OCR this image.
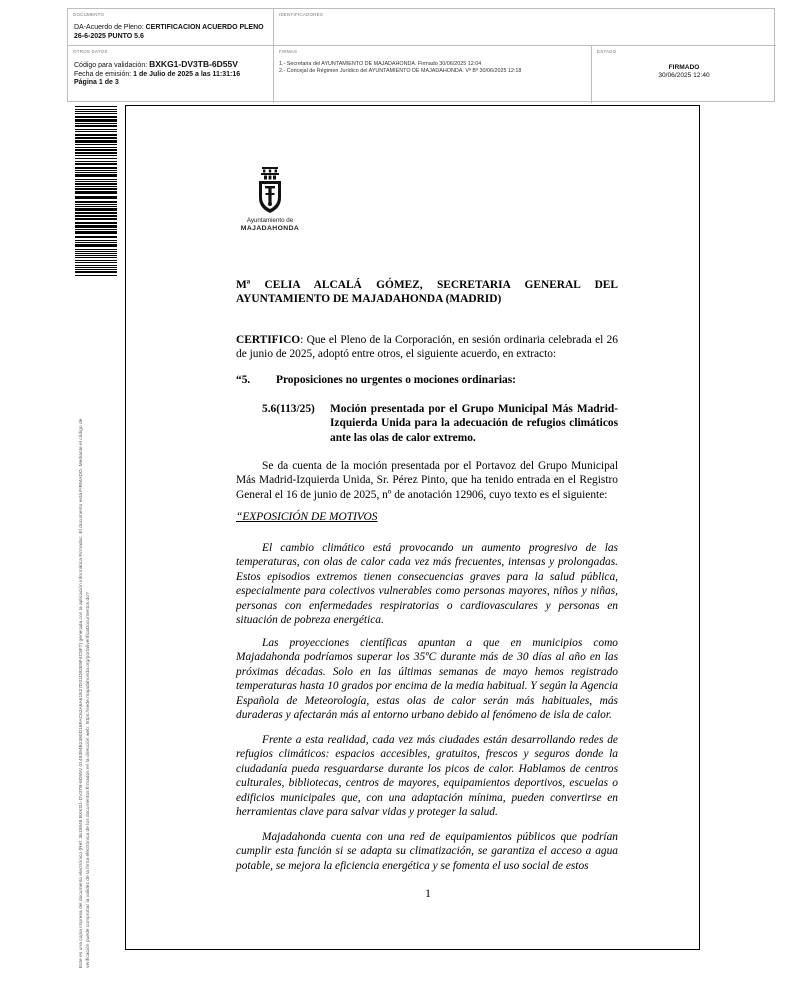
DOCUMENTO
DA-Acuerdo de Pleno: CERTIFICACION ACUERDO PLENO 26-6-2025 PUNTO 5.6
IDENTIFICADORES
OTROS DATOS
Código para validación: BXKG1-DV3TB-6D55V
Fecha de emisión: 1 de Julio de 2025 a las 11:31:16
Página 1 de 3
FIRMAS
1.- Secretaria del AYUNTAMIENTO DE MAJADAHONDA. Firmado 30/06/2025 12:04
2.- Concejal de Régimen Jurídico del AYUNTAMIENTO DE MAJADAHONDA. Vº Bº 30/06/2025 12:18
ESTADO
FIRMADO
30/06/2025 12:40
Este es una copia impresa del documento electrónico (Ref: 3615948 BXKG1-DV3TB-6D55V 0149394B2380D18FAC62A6A61E27D01D92E9F4C5F7) generada con la aplicación informática Firmadoc. El documento está FIRMADO. Mediante el código de verificación puede comprobar la validez de la firma electrónica de los documentos firmados en la dirección web: https://sede.majadahonda.org/portal/verificaDocumentos.do?
Ayuntamiento de
MAJADAHONDA
Mª CELIA ALCALÁ GÓMEZ, SECRETARIA GENERAL DEL AYUNTAMIENTO DE MAJADAHONDA (MADRID)
CERTIFICO: Que el Pleno de la Corporación, en sesión ordinaria celebrada el 26 de junio de 2025, adoptó entre otros, el siguiente acuerdo, en extracto:
“5. Proposiciones no urgentes o mociones ordinarias:
5.6(113/25) Moción presentada por el Grupo Municipal Más Madrid-Izquierda Unida para la adecuación de refugios climáticos ante las olas de calor extremo.
Se da cuenta de la moción presentada por el Portavoz del Grupo Municipal Más Madrid-Izquierda Unida, Sr. Pérez Pinto, que ha tenido entrada en el Registro General el 16 de junio de 2025, nº de anotación 12906, cuyo texto es el siguiente:
“EXPOSICIÓN DE MOTIVOS
El cambio climático está provocando un aumento progresivo de las temperaturas, con olas de calor cada vez más frecuentes, intensas y prolongadas. Estos episodios extremos tienen consecuencias graves para la salud pública, especialmente para colectivos vulnerables como personas mayores, niños y niñas, personas con enfermedades respiratorias o cardiovasculares y personas en situación de pobreza energética.
Las proyecciones científicas apuntan a que en municipios como Majadahonda podríamos superar los 35ºC durante más de 30 días al año en las próximas décadas. Solo en las últimas semanas de mayo hemos registrado temperaturas hasta 10 grados por encima de la media habitual. Y según la Agencia Española de Meteorología, estas olas de calor serán más habituales, más duraderas y afectarán más al entorno urbano debido al fenómeno de isla de calor.
Frente a esta realidad, cada vez más ciudades están desarrollando redes de refugios climáticos: espacios accesibles, gratuitos, frescos y seguros donde la ciudadanía pueda resguardarse durante los picos de calor. Hablamos de centros culturales, bibliotecas, centros de mayores, equipamientos deportivos, escuelas o edificios municipales que, con una adaptación mínima, pueden convertirse en herramientas clave para salvar vidas y proteger la salud.
Majadahonda cuenta con una red de equipamientos públicos que podrían cumplir esta función si se adapta su climatización, se garantiza el acceso a agua potable, se mejora la eficiencia energética y se fomenta el uso social de estos
1
